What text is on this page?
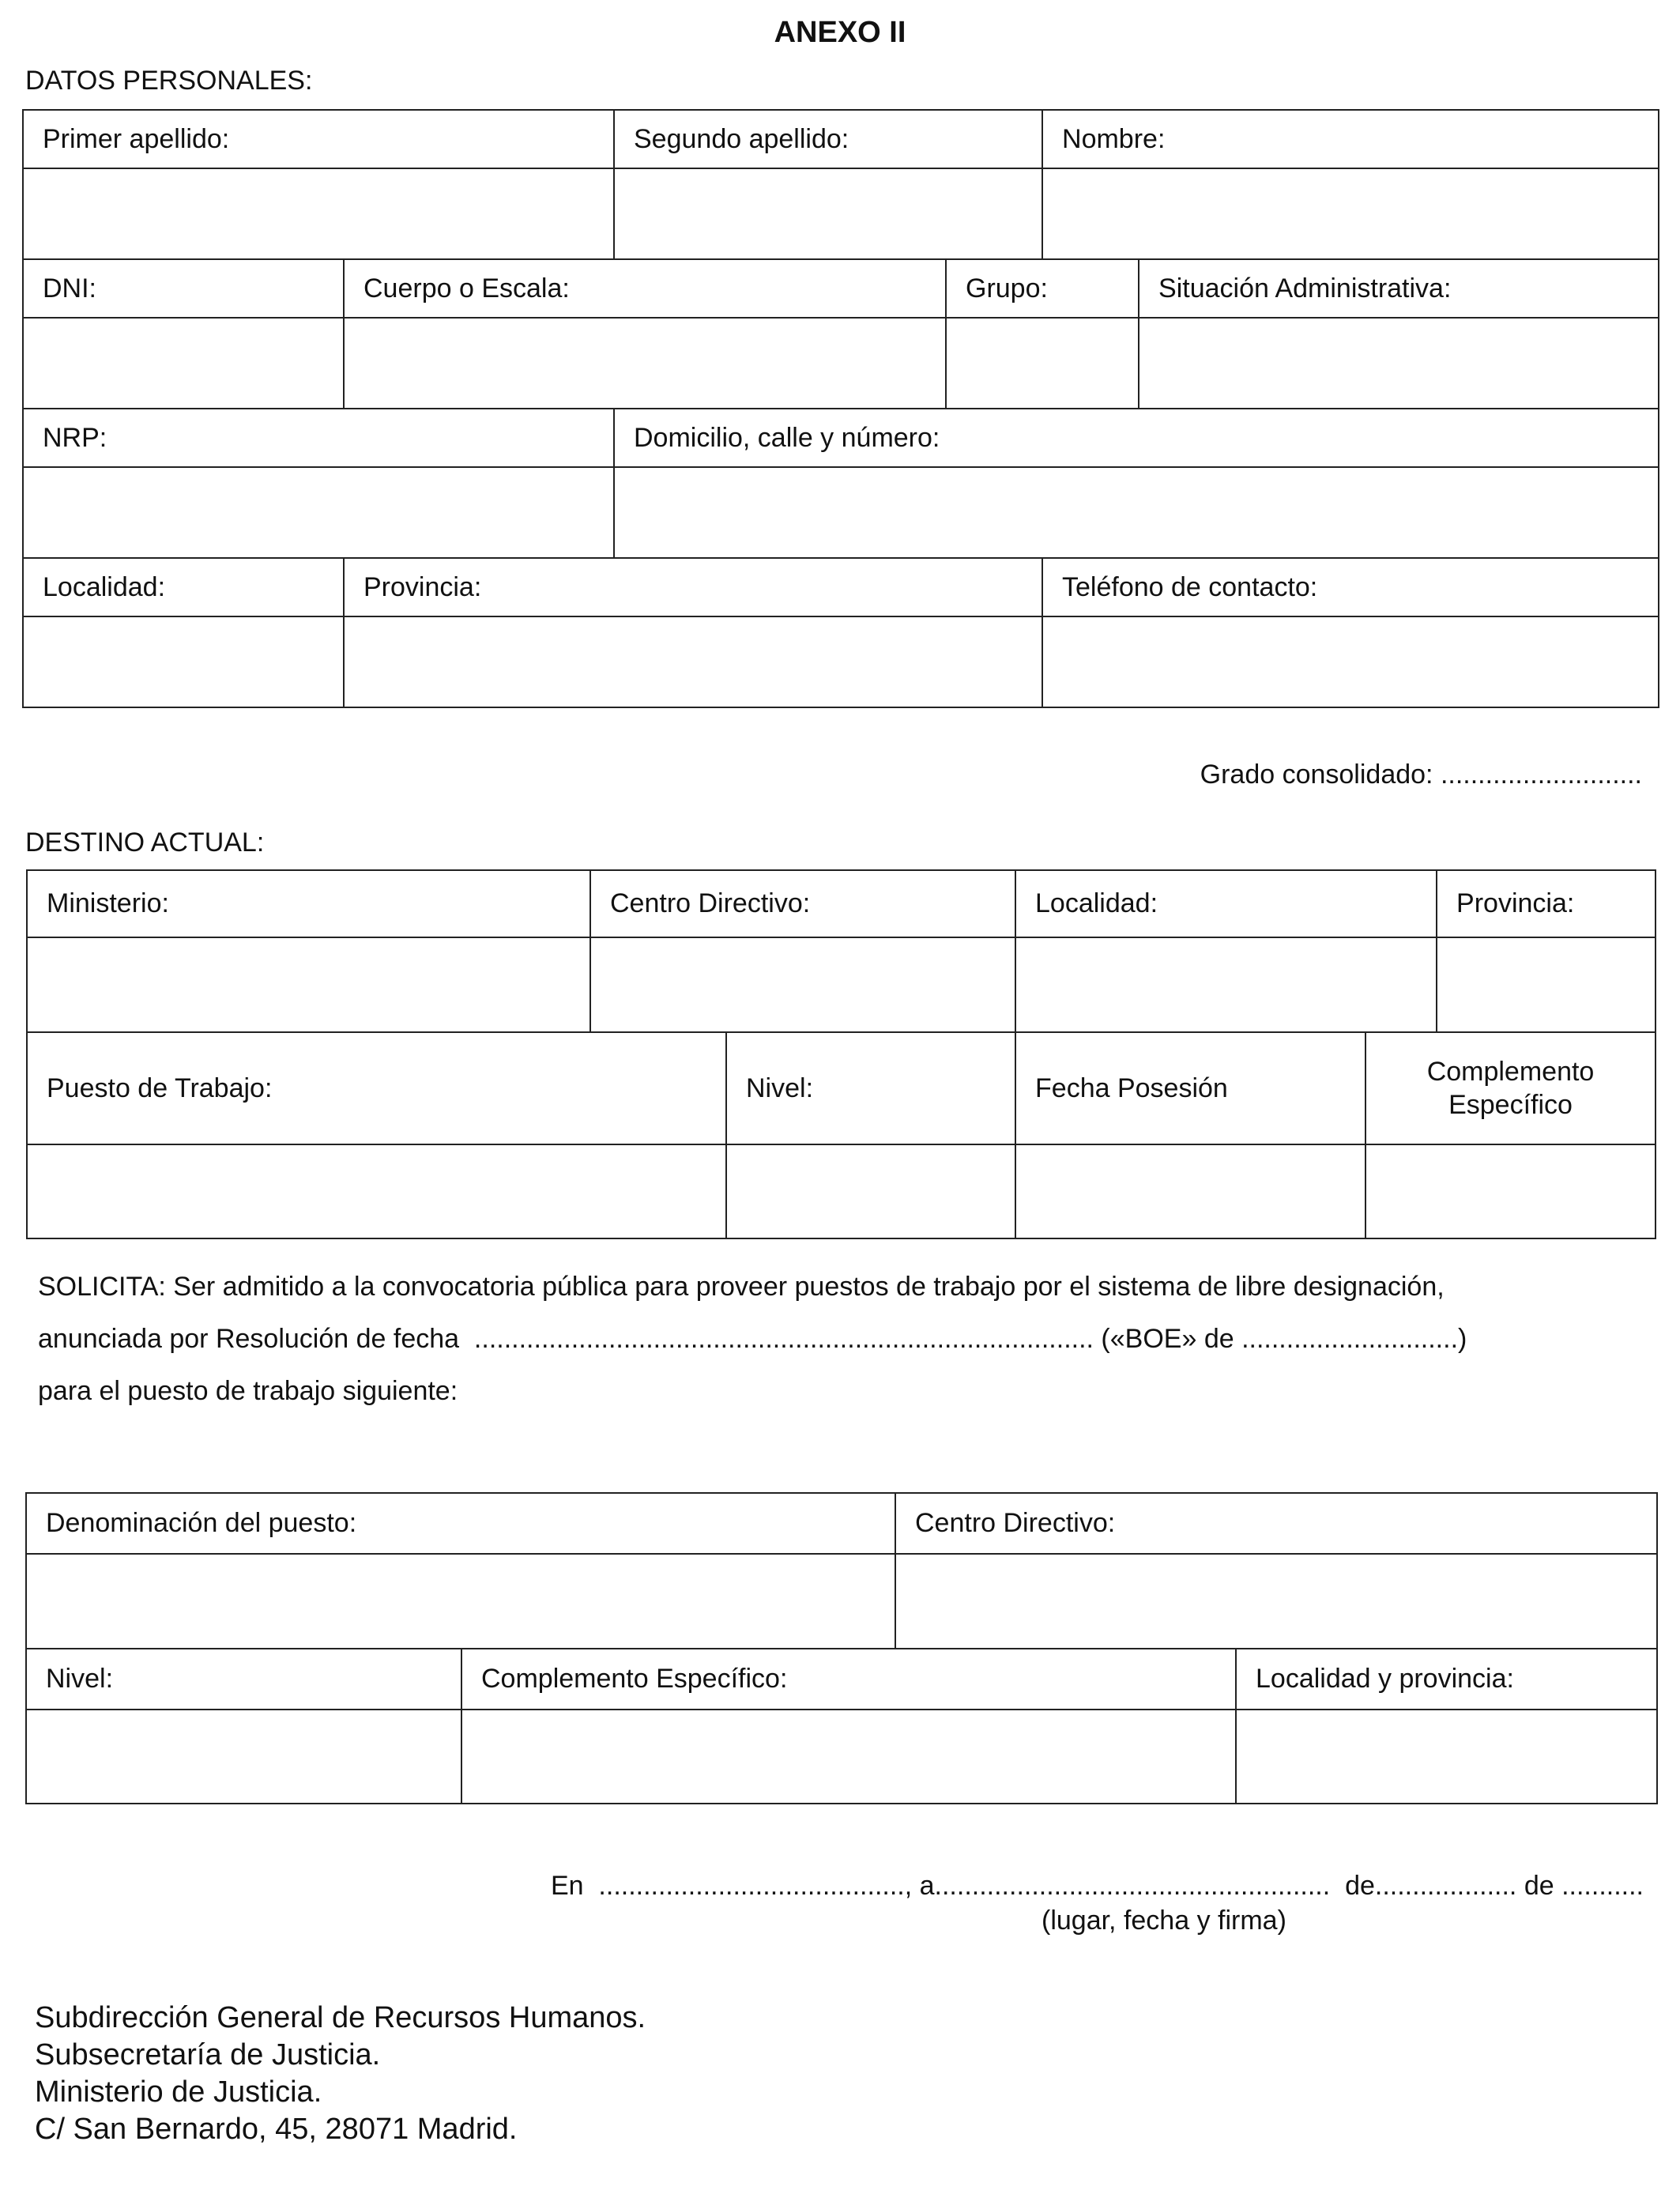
ANEXO II
DATOS PERSONALES:
Primer apellido:		Segundo apellido:		Nombre:	

DNI:	Cuerpo o Escala:		Grupo:		Situación Administrativa:

NRP:		Domicilio, calle y número:			

Localidad:	Provincia:			Teléfono de contacto:	

Grado consolidado: ...........................
DESTINO ACTUAL:
Ministerio:	Centro Directivo:		Localidad:		Provincia:

Puesto de Trabajo:		Nivel:	Fecha Posesión	Complemento
Específico	

SOLICITA: Ser admitido a la convocatoria pública para proveer puestos de trabajo por el sistema de libre designación,
anunciada por Resolución de fecha  ................................................................................... («BOE» de .............................)
para el puesto de trabajo siguiente:
Denominación del puesto:		Centro Directivo:	

Nivel:	Complemento Específico:		Localidad y provincia:

En  ........................................., a.....................................................  de................... de ...........
(lugar, fecha y firma)
Subdirección General de Recursos Humanos.
Subsecretaría de Justicia.
Ministerio de Justicia.
C/ San Bernardo, 45, 28071 Madrid.
